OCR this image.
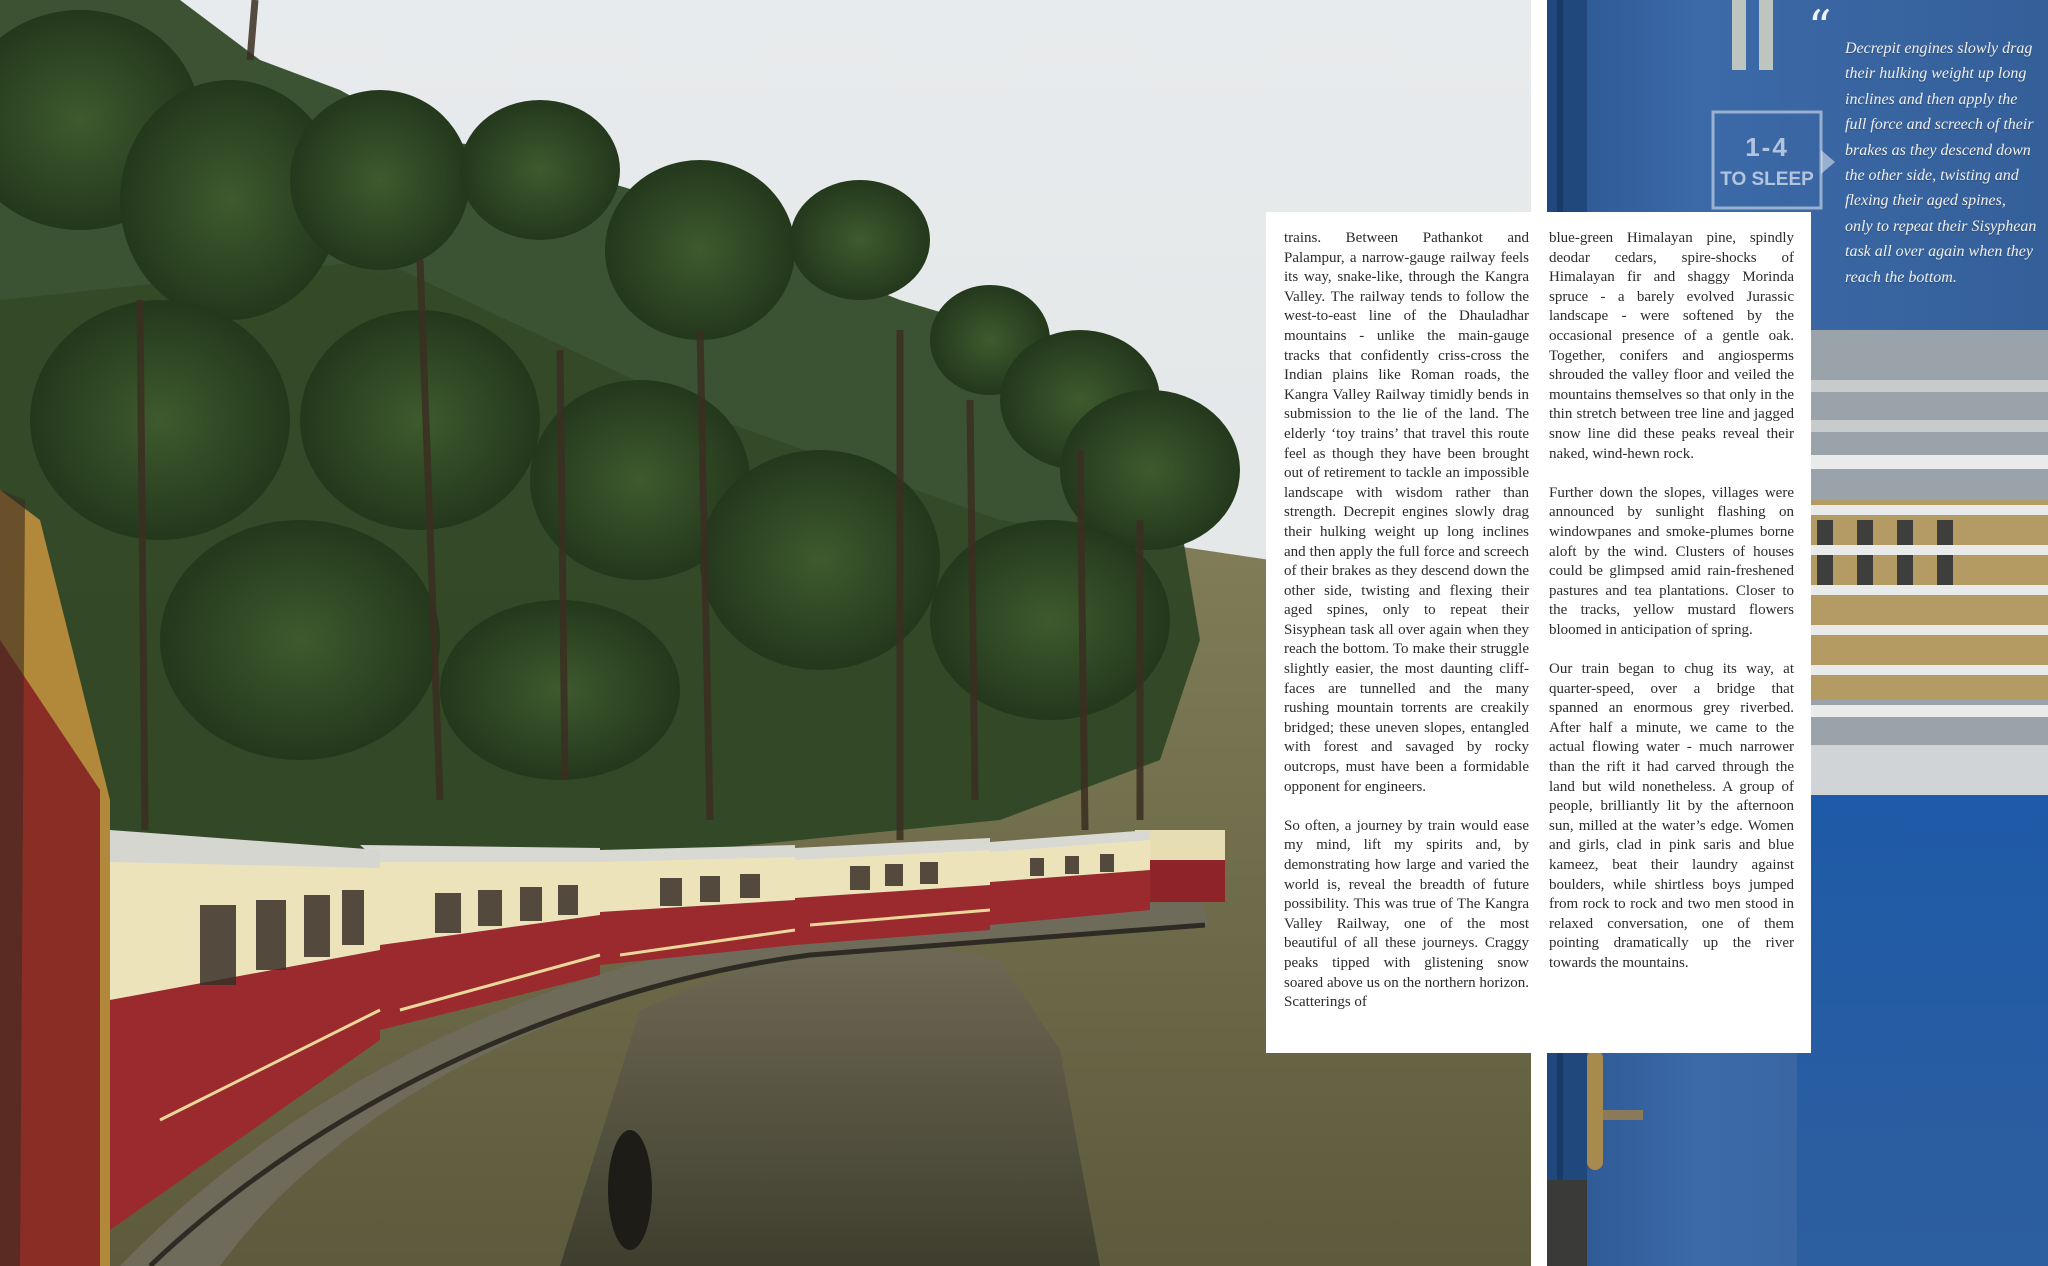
1-4
TO SLEEP
“ Decrepit engines slowly drag their hulking weight up long inclines and then apply the full force and screech of their brakes as they descend down the other side, twisting and flexing their aged spines, only to repeat their Sisyphean task all over again when they reach the bottom.

trains. Between Pathankot and Palampur, a narrow-gauge railway feels its way, snake-like, through the Kangra Valley. The railway tends to follow the west-to-east line of the Dhauladhar mountains - unlike the main-gauge tracks that confidently criss-cross the Indian plains like Roman roads, the Kangra Valley Railway timidly bends in submission to the lie of the land. The elderly ‘toy trains’ that travel this route feel as though they have been brought out of retirement to tackle an impossible landscape with wisdom rather than strength. Decrepit engines slowly drag their hulking weight up long inclines and then apply the full force and screech of their brakes as they descend down the other side, twisting and flexing their aged spines, only to repeat their Sisyphean task all over again when they reach the bottom. To make their struggle slightly easier, the most daunting cliff-faces are tunnelled and the many rushing mountain torrents are creakily bridged; these uneven slopes, entangled with forest and savaged by rocky outcrops, must have been a formidable opponent for engineers.

So often, a journey by train would ease my mind, lift my spirits and, by demonstrating how large and varied the world is, reveal the breadth of future possibility. This was true of The Kangra Valley Railway, one of the most beautiful of all these journeys. Craggy peaks tipped with glistening snow soared above us on the northern horizon. Scatterings of

blue-green Himalayan pine, spindly deodar cedars, spire-shocks of Himalayan fir and shaggy Morinda spruce - a barely evolved Jurassic landscape - were softened by the occasional presence of a gentle oak. Together, conifers and angiosperms shrouded the valley floor and veiled the mountains themselves so that only in the thin stretch between tree line and jagged snow line did these peaks reveal their naked, wind-hewn rock.

Further down the slopes, villages were announced by sunlight flashing on windowpanes and smoke-plumes borne aloft by the wind. Clusters of houses could be glimpsed amid rain-freshened pastures and tea plantations. Closer to the tracks, yellow mustard flowers bloomed in anticipation of spring.

Our train began to chug its way, at quarter-speed, over a bridge that spanned an enormous grey riverbed. After half a minute, we came to the actual flowing water - much narrower than the rift it had carved through the land but wild nonetheless. A group of people, brilliantly lit by the afternoon sun, milled at the water’s edge. Women and girls, clad in pink saris and blue kameez, beat their laundry against boulders, while shirtless boys jumped from rock to rock and two men stood in relaxed conversation, one of them pointing dramatically up the river towards the mountains.
